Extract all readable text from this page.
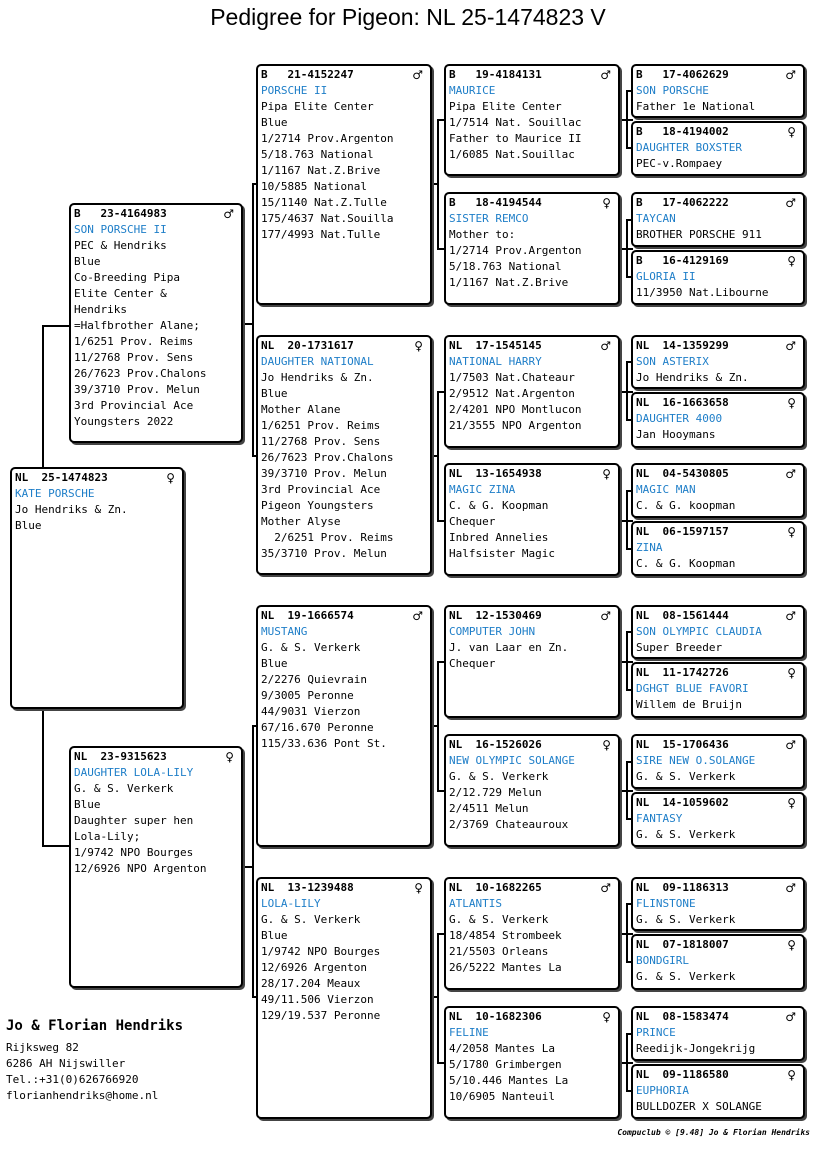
Pedigree for Pigeon: NL 25-1474823 V
NL  25-1474823	♀
KATE PORSCHE
Jo Hendriks & Zn.
Blue
B   23-4164983	♂
SON PORSCHE II
PEC & Hendriks
Blue
Co-Breeding Pipa
Elite Center &
Hendriks
=Halfbrother Alane;
1/6251 Prov. Reims
11/2768 Prov. Sens
26/7623 Prov.Chalons
39/3710 Prov. Melun
3rd Provincial Ace
Youngsters 2022
NL  23-9315623	♀
DAUGHTER LOLA-LILY
G. & S. Verkerk
Blue
Daughter super hen
Lola-Lily;
1/9742 NPO Bourges
12/6926 NPO Argenton
B   21-4152247	♂
PORSCHE II
Pipa Elite Center
Blue
1/2714 Prov.Argenton
5/18.763 National
1/1167 Nat.Z.Brive
10/5885 National
15/1140 Nat.Z.Tulle
175/4637 Nat.Souilla
177/4993 Nat.Tulle
NL  20-1731617	♀
DAUGHTER NATIONAL
Jo Hendriks & Zn.
Blue
Mother Alane
1/6251 Prov. Reims
11/2768 Prov. Sens
26/7623 Prov.Chalons
39/3710 Prov. Melun
3rd Provincial Ace
Pigeon Youngsters
Mother Alyse
2/6251 Prov. Reims
35/3710 Prov. Melun
NL  19-1666574	♂
MUSTANG
G. & S. Verkerk
Blue
2/2276 Quievrain
9/3005 Peronne
44/9031 Vierzon
67/16.670 Peronne
115/33.636 Pont St.
NL  13-1239488	♀
LOLA-LILY
G. & S. Verkerk
Blue
1/9742 NPO Bourges
12/6926 Argenton
28/17.204 Meaux
49/11.506 Vierzon
129/19.537 Peronne
B   19-4184131	♂
MAURICE
Pipa Elite Center
1/7514 Nat. Souillac
Father to Maurice II
1/6085 Nat.Souillac
B   18-4194544	♀
SISTER REMCO
Mother to:
1/2714 Prov.Argenton
5/18.763 National
1/1167 Nat.Z.Brive
NL  17-1545145	♂
NATIONAL HARRY
1/7503 Nat.Chateaur
2/9512 Nat.Argenton
2/4201 NPO Montlucon
21/3555 NPO Argenton
NL  13-1654938	♀
MAGIC ZINA
C. & G. Koopman
Chequer
Inbred Annelies
Halfsister Magic
NL  12-1530469	♂
COMPUTER JOHN
J. van Laar en Zn.
Chequer
NL  16-1526026	♀
NEW OLYMPIC SOLANGE
G. & S. Verkerk
2/12.729 Melun
2/4511 Melun
2/3769 Chateauroux
NL  10-1682265	♂
ATLANTIS
G. & S. Verkerk
18/4854 Strombeek
21/5503 Orleans
26/5222 Mantes La
NL  10-1682306	♀
FELINE
4/2058 Mantes La
5/1780 Grimbergen
5/10.446 Mantes La
10/6905 Nanteuil
B   17-4062629	♂
SON PORSCHE
Father 1e National
B   18-4194002	♀
DAUGHTER BOXSTER
PEC-v.Rompaey
B   17-4062222	♂
TAYCAN
BROTHER PORSCHE 911
B   16-4129169	♀
GLORIA II
11/3950 Nat.Libourne
NL  14-1359299	♂
SON ASTERIX
Jo Hendriks & Zn.
NL  16-1663658	♀
DAUGHTER 4000
Jan Hooymans
NL  04-5430805	♂
MAGIC MAN
C. & G. koopman
NL  06-1597157	♀
ZINA
C. & G. Koopman
NL  08-1561444	♂
SON OLYMPIC CLAUDIA
Super Breeder
NL  11-1742726	♀
DGHGT BLUE FAVORI
Willem de Bruijn
NL  15-1706436	♂
SIRE NEW O.SOLANGE
G. & S. Verkerk
NL  14-1059602	♀
FANTASY
G. & S. Verkerk
NL  09-1186313	♂
FLINSTONE
G. & S. Verkerk
NL  07-1818007	♀
BONDGIRL
G. & S. Verkerk
NL  08-1583474	♂
PRINCE
Reedijk-Jongekrijg
NL  09-1186580	♀
EUPHORIA
BULLDOZER X SOLANGE
Jo & Florian Hendriks
Rijksweg 82
6286 AH Nijswiller
Tel.:+31(0)626766920
florianhendriks@home.nl
Compuclub © [9.48] Jo & Florian Hendriks
